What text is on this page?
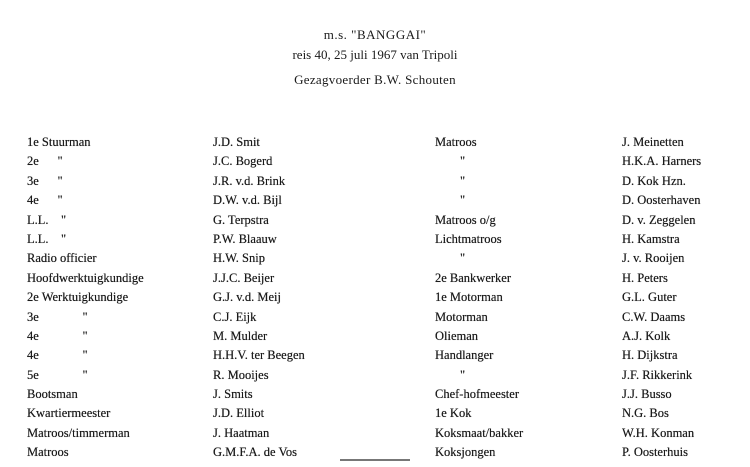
m.s. "BANGGAI"
reis 40, 25 juli 1967 van Tripoli
Gezagvoerder B.W. Schouten
1e Stuurman
2e      "
3e      "
4e      "
L.L.    "
L.L.    "
Radio officier
Hoofdwerktuigkundige
2e Werktuigkundige
3e              "
4e              "
4e              "
5e              "
Bootsman
Kwartiermeester
Matroos/timmerman
Matroos
J.D. Smit
J.C. Bogerd
J.R. v.d. Brink
D.W. v.d. Bijl
G. Terpstra
P.W. Blaauw
H.W. Snip
J.J.C. Beijer
G.J. v.d. Meij
C.J. Eijk
M. Mulder
H.H.V. ter Beegen
R. Mooijes
J. Smits
J.D. Elliot
J. Haatman
G.M.F.A. de Vos
Matroos
"
"
"
Matroos o/g
Lichtmatroos
"
2e Bankwerker
1e Motorman
Motorman
Olieman
Handlanger
"
Chef-hofmeester
1e Kok
Koksmaat/bakker
Koksjongen
J. Meinetten
H.K.A. Harners
D. Kok Hzn.
D. Oosterhaven
D. v. Zeggelen
H. Kamstra
J. v. Rooijen
H. Peters
G.L. Guter
C.W. Daams
A.J. Kolk
H. Dijkstra
J.F. Rikkerink
J.J. Busso
N.G. Bos
W.H. Konman
P. Oosterhuis
